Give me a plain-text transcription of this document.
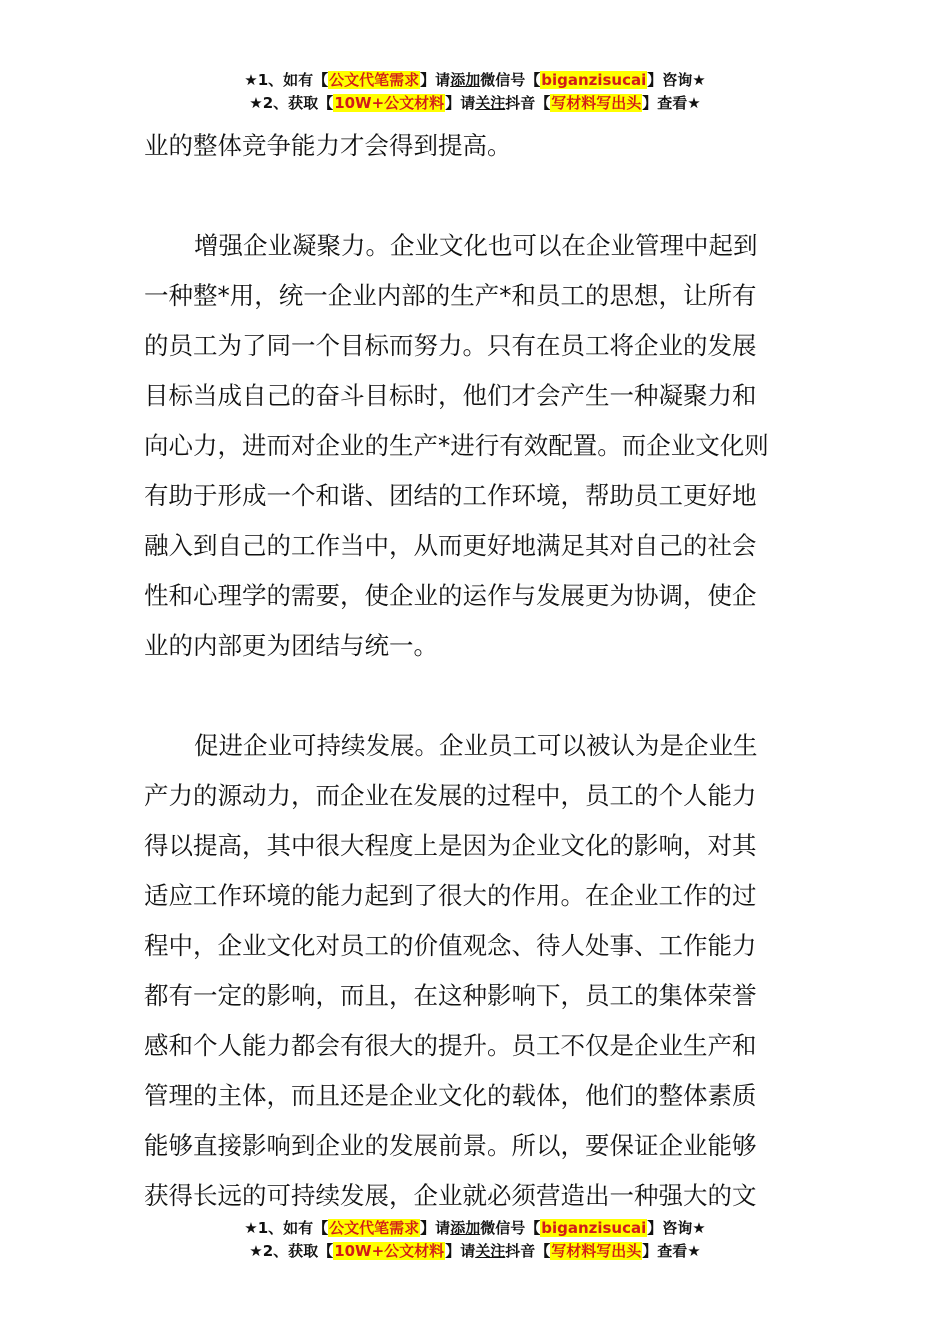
★1、如有【公文代笔需求】请添加微信号【biganzisucai】咨询★
★2、获取【10W+公文材料】请关注抖音【写材料写出头】查看★
业的整体竞争能力才会得到提高。
增强企业凝聚力。企业文化也可以在企业管理中起到
一种整*用，统一企业内部的生产*和员工的思想，让所有
的员工为了同一个目标而努力。只有在员工将企业的发展
目标当成自己的奋斗目标时，他们才会产生一种凝聚力和
向心力，进而对企业的生产*进行有效配置。而企业文化则
有助于形成一个和谐、团结的工作环境，帮助员工更好地
融入到自己的工作当中，从而更好地满足其对自己的社会
性和心理学的需要，使企业的运作与发展更为协调，使企
业的内部更为团结与统一。
促进企业可持续发展。企业员工可以被认为是企业生
产力的源动力，而企业在发展的过程中，员工的个人能力
得以提高，其中很大程度上是因为企业文化的影响，对其
适应工作环境的能力起到了很大的作用。在企业工作的过
程中，企业文化对员工的价值观念、待人处事、工作能力
都有一定的影响，而且，在这种影响下，员工的集体荣誉
感和个人能力都会有很大的提升。员工不仅是企业生产和
管理的主体，而且还是企业文化的载体，他们的整体素质
能够直接影响到企业的发展前景。所以，要保证企业能够
获得长远的可持续发展，企业就必须营造出一种强大的文
★1、如有【公文代笔需求】请添加微信号【biganzisucai】咨询★
★2、获取【10W+公文材料】请关注抖音【写材料写出头】查看★
